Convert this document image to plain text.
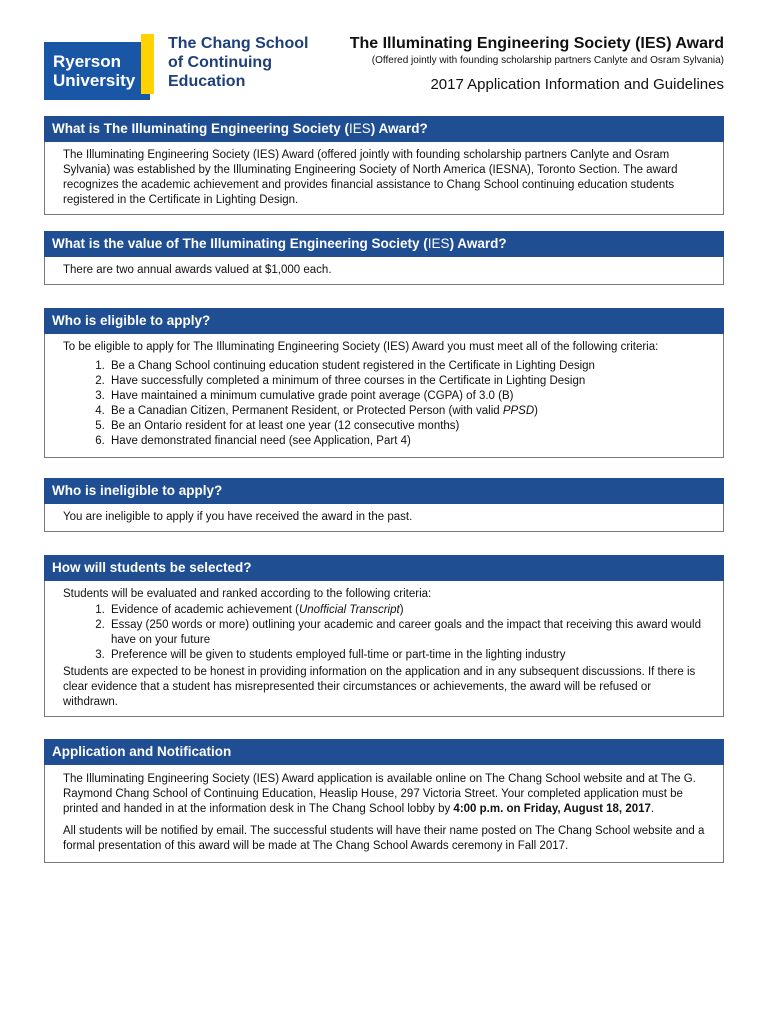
Ryerson
University
The Chang School
of Continuing
Education
The Illuminating Engineering Society (IES) Award
(Offered jointly with founding scholarship partners Canlyte and Osram Sylvania)
2017 Application Information and Guidelines
What is The Illuminating Engineering Society (IES) Award?

The Illuminating Engineering Society (IES) Award (offered jointly with founding scholarship partners Canlyte and Osram Sylvania) was established by the Illuminating Engineering Society of North America (IESNA), Toronto Section. The award recognizes the academic achievement and provides financial assistance to Chang School continuing education students registered in the Certificate in Lighting Design.

What is the value of The Illuminating Engineering Society (IES) Award?

There are two annual awards valued at $1,000 each.

Who is eligible to apply?

To be eligible to apply for The Illuminating Engineering Society (IES) Award you must meet all of the following criteria:

1. Be a Chang School continuing education student registered in the Certificate in Lighting Design
2. Have successfully completed a minimum of three courses in the Certificate in Lighting Design
3. Have maintained a minimum cumulative grade point average (CGPA) of 3.0 (B)
4. Be a Canadian Citizen, Permanent Resident, or Protected Person (with valid PPSD)
5. Be an Ontario resident for at least one year (12 consecutive months)
6. Have demonstrated financial need (see Application, Part 4)
Who is ineligible to apply?

You are ineligible to apply if you have received the award in the past.

How will students be selected?

Students will be evaluated and ranked according to the following criteria:

1. Evidence of academic achievement (Unofficial Transcript)
2. Essay (250 words or more) outlining your academic and career goals and the impact that receiving this award would have on your future
3. Preference will be given to students employed full-time or part-time in the lighting industry

Students are expected to be honest in providing information on the application and in any subsequent discussions. If there is clear evidence that a student has misrepresented their circumstances or achievements, the award will be refused or withdrawn.

Application and Notification

The Illuminating Engineering Society (IES) Award application is available online on The Chang School website and at The G. Raymond Chang School of Continuing Education, Heaslip House, 297 Victoria Street. Your completed application must be printed and handed in at the information desk in The Chang School lobby by 4:00 p.m. on Friday, August 18, 2017.

All students will be notified by email. The successful students will have their name posted on The Chang School website and a formal presentation of this award will be made at The Chang School Awards ceremony in Fall 2017.
